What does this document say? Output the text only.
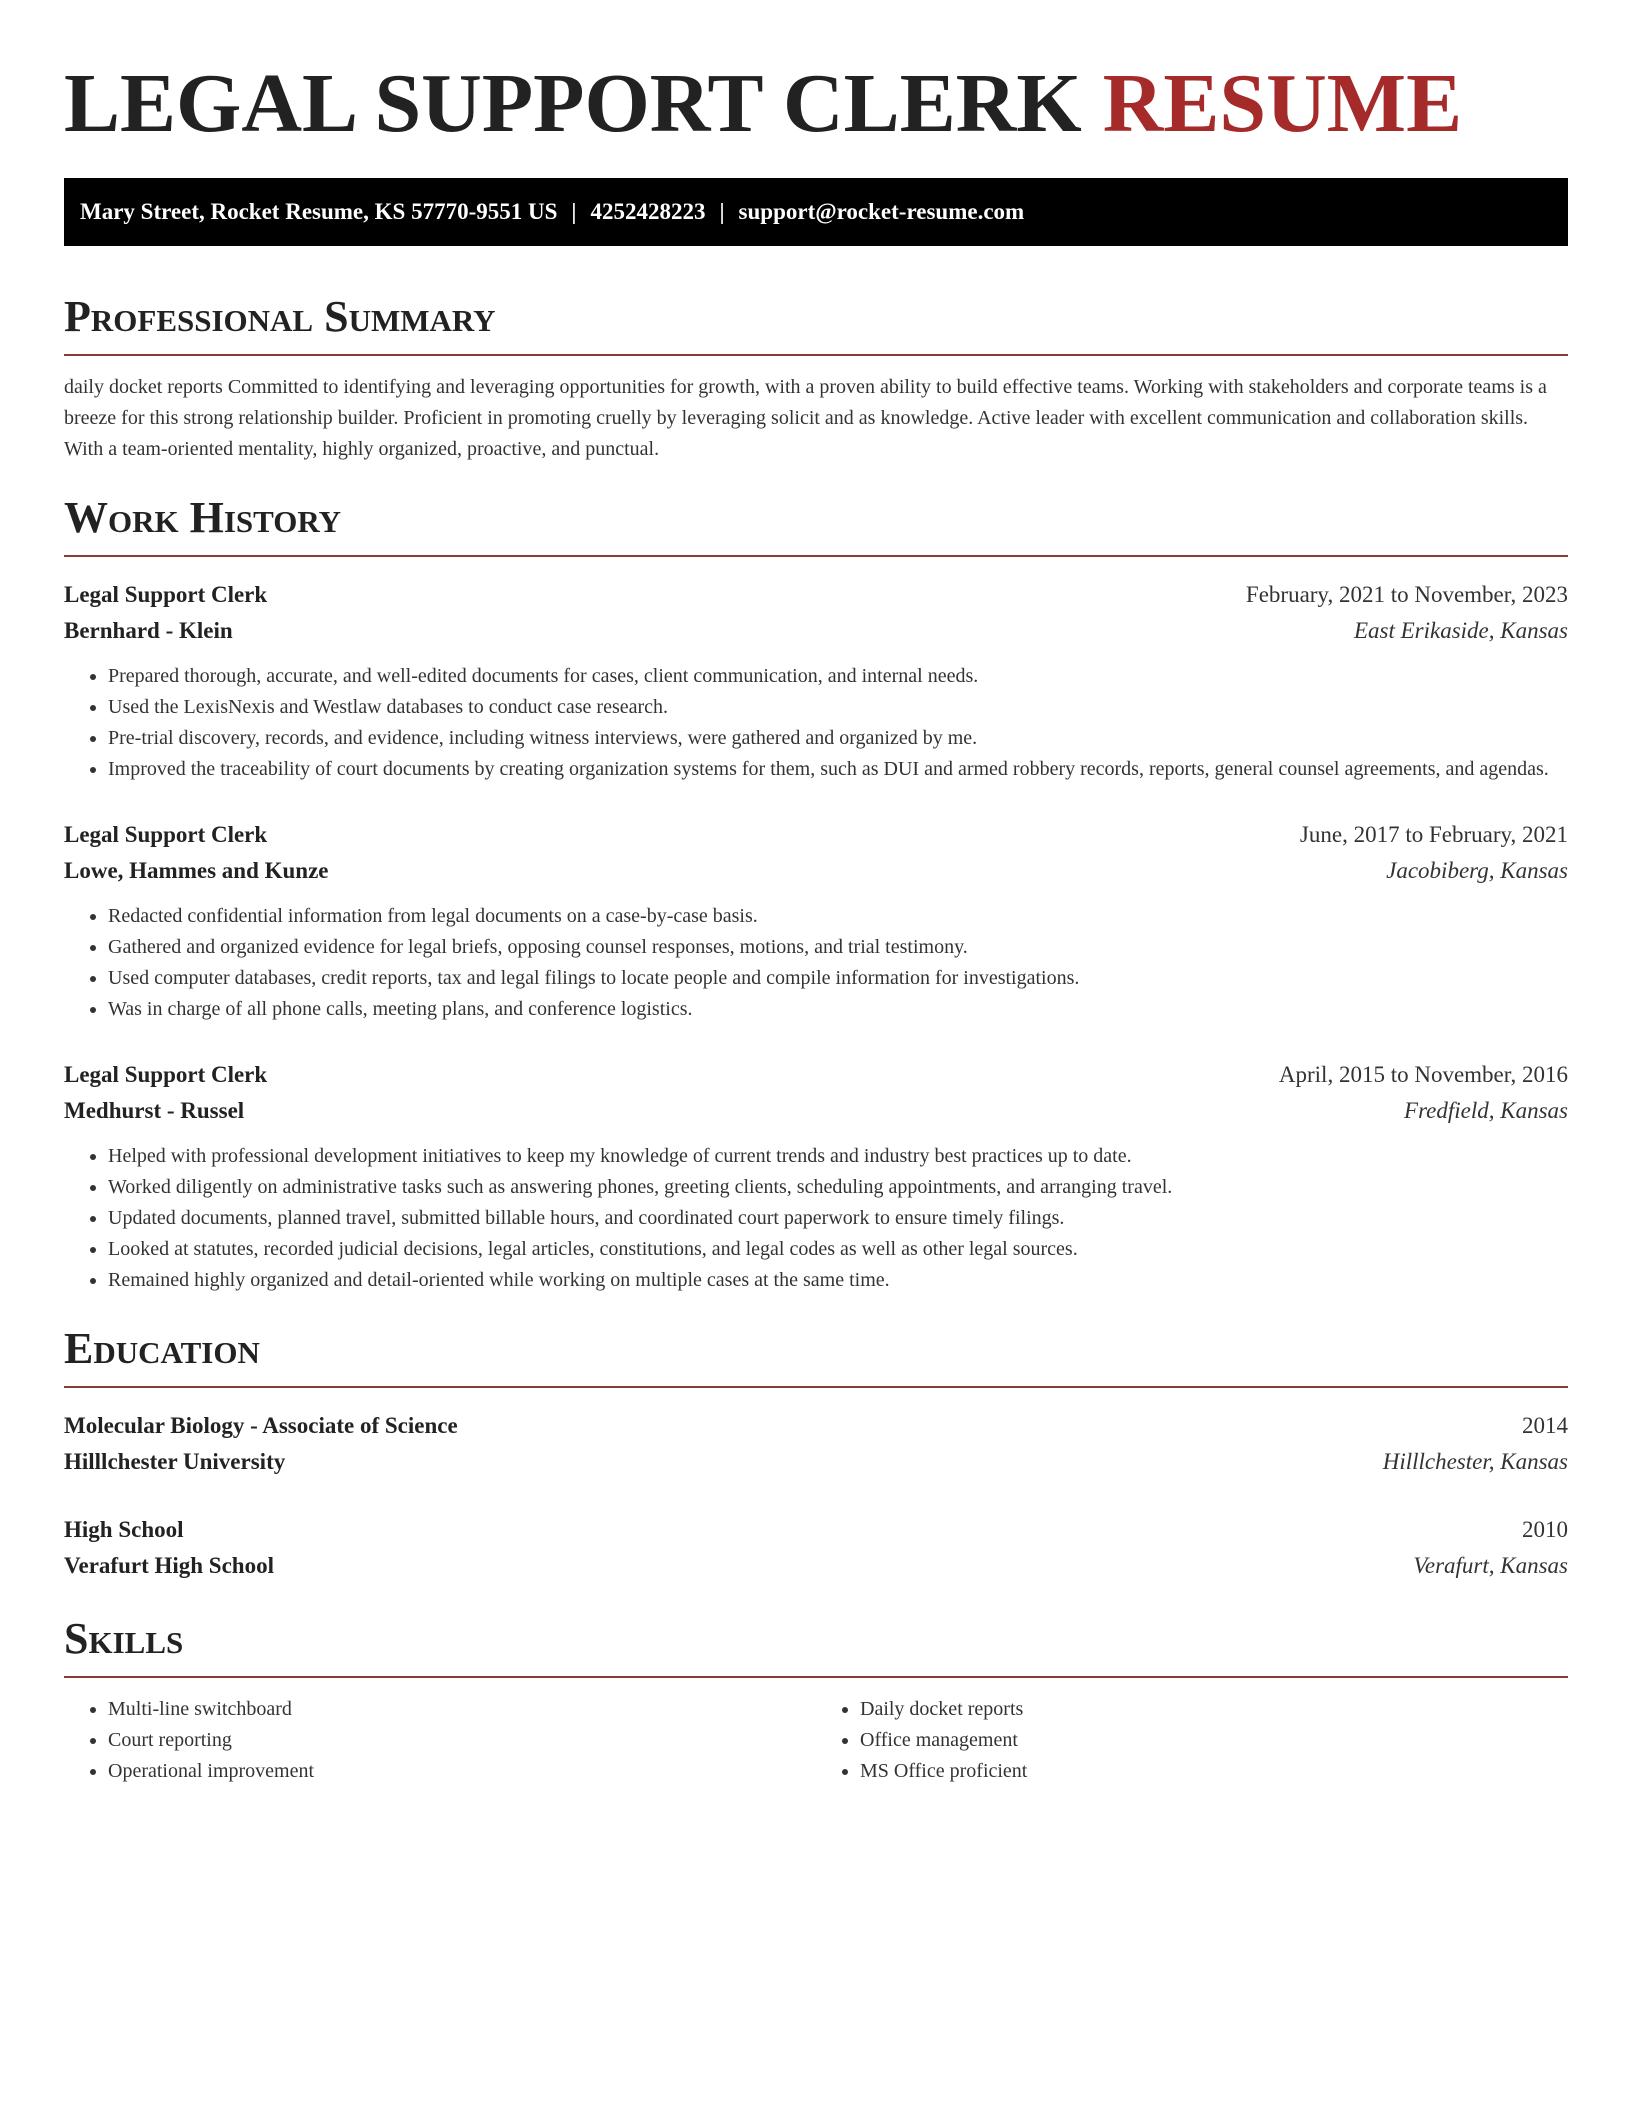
LEGAL SUPPORT CLERK RESUME
Mary Street, Rocket Resume, KS 57770-9551 US | 4252428223 | support@rocket-resume.com
Professional Summary

daily docket reports Committed to identifying and leveraging opportunities for growth, with a proven ability to build effective teams. Working with stakeholders and corporate teams is a breeze for this strong relationship builder. Proficient in promoting cruelly by leveraging solicit and as knowledge. Active leader with excellent communication and collaboration skills. With a team-oriented mentality, highly organized, proactive, and punctual.

Work History
Legal Support Clerk	February, 2021 to November, 2023
Bernhard - Klein	East Erikaside, Kansas
• Prepared thorough, accurate, and well-edited documents for cases, client communication, and internal needs.
• Used the LexisNexis and Westlaw databases to conduct case research.
• Pre-trial discovery, records, and evidence, including witness interviews, were gathered and organized by me.
• Improved the traceability of court documents by creating organization systems for them, such as DUI and armed robbery records, reports, general counsel agreements, and agendas.
Legal Support Clerk	June, 2017 to February, 2021
Lowe, Hammes and Kunze	Jacobiberg, Kansas
• Redacted confidential information from legal documents on a case-by-case basis.
• Gathered and organized evidence for legal briefs, opposing counsel responses, motions, and trial testimony.
• Used computer databases, credit reports, tax and legal filings to locate people and compile information for investigations.
• Was in charge of all phone calls, meeting plans, and conference logistics.
Legal Support Clerk	April, 2015 to November, 2016
Medhurst - Russel	Fredfield, Kansas
• Helped with professional development initiatives to keep my knowledge of current trends and industry best practices up to date.
• Worked diligently on administrative tasks such as answering phones, greeting clients, scheduling appointments, and arranging travel.
• Updated documents, planned travel, submitted billable hours, and coordinated court paperwork to ensure timely filings.
• Looked at statutes, recorded judicial decisions, legal articles, constitutions, and legal codes as well as other legal sources.
• Remained highly organized and detail-oriented while working on multiple cases at the same time.
Education
Molecular Biology - Associate of Science	2014
Hilllchester University	Hilllchester, Kansas
High School	2010
Verafurt High School	Verafurt, Kansas
Skills
• Multi-line switchboard
• Court reporting
• Operational improvement
• Daily docket reports
• Office management
• MS Office proficient
